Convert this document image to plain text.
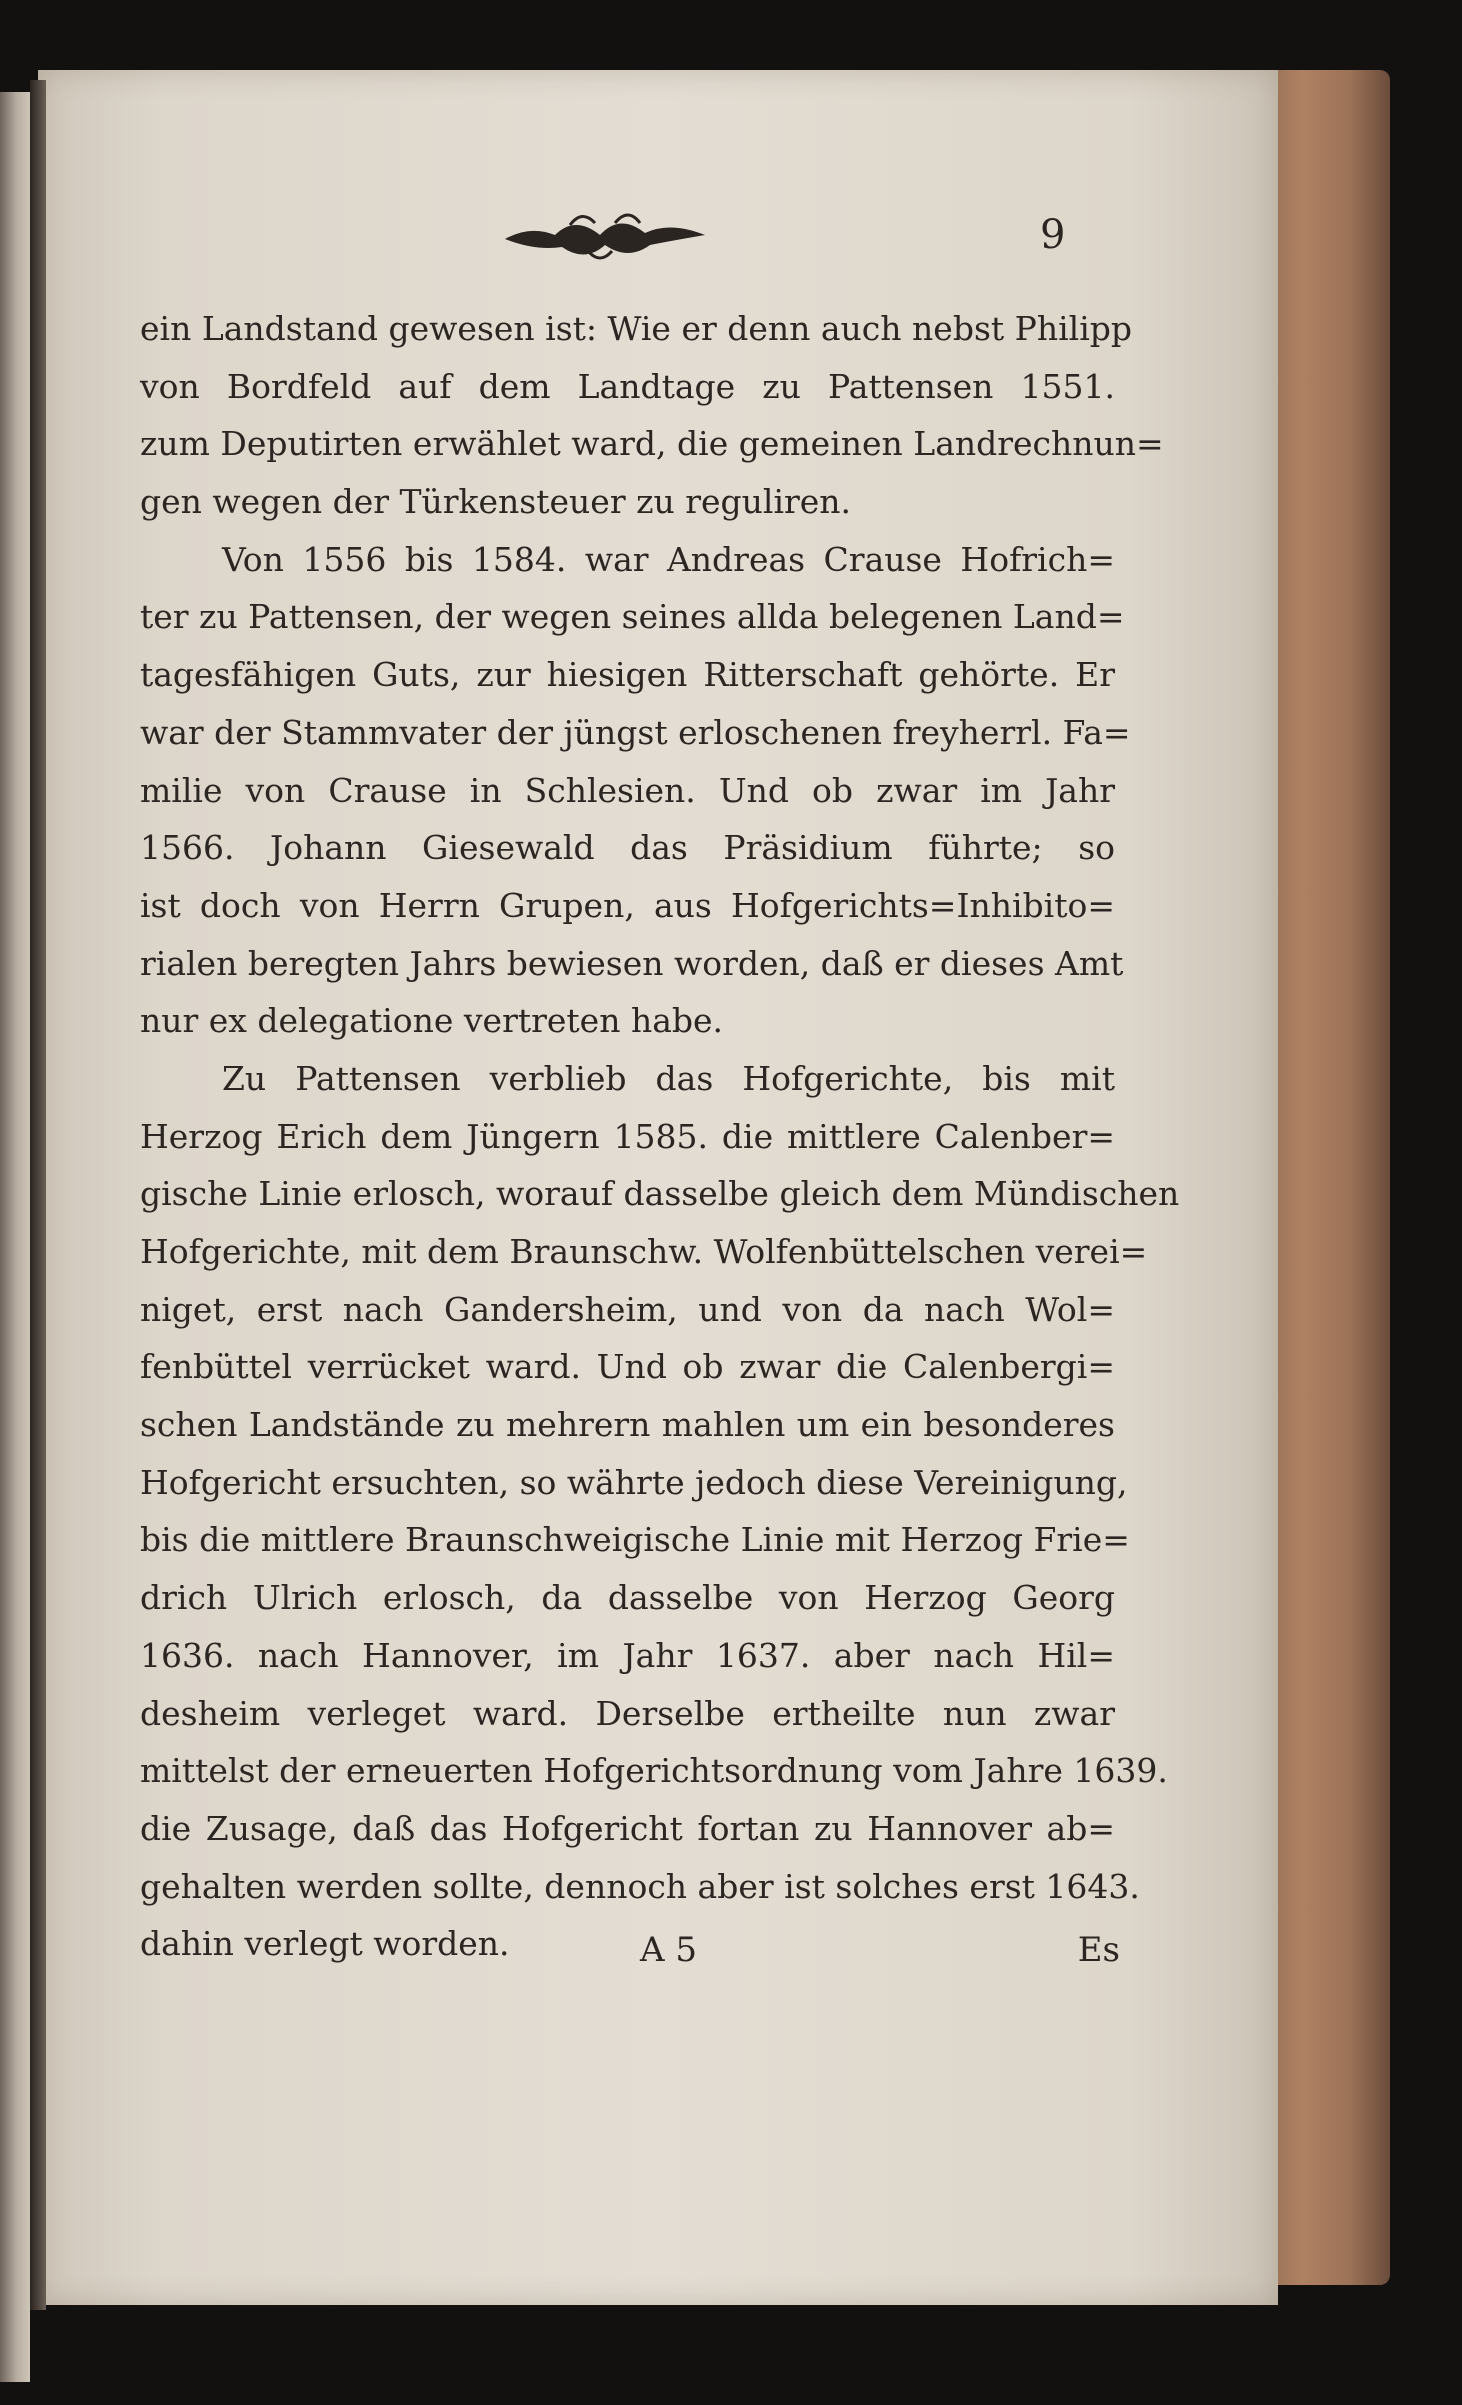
9
ein Landstand gewesen ist: Wie er denn auch nebst Philipp
von Bordfeld auf dem Landtage zu Pattensen 1551.
zum Deputirten erwählet ward, die gemeinen Landrechnun=
gen wegen der Türkensteuer zu reguliren.
Von 1556 bis 1584. war Andreas Crause Hofrich=
ter zu Pattensen, der wegen seines allda belegenen Land=
tagesfähigen Guts, zur hiesigen Ritterschaft gehörte. Er
war der Stammvater der jüngst erloschenen freyherrl. Fa=
milie von Crause in Schlesien. Und ob zwar im Jahr
1566. Johann Giesewald das Präsidium führte; so
ist doch von Herrn Grupen, aus Hofgerichts=Inhibito=
rialen beregten Jahrs bewiesen worden, daß er dieses Amt
nur ex delegatione vertreten habe.
Zu Pattensen verblieb das Hofgerichte, bis mit
Herzog Erich dem Jüngern 1585. die mittlere Calenber=
gische Linie erlosch, worauf dasselbe gleich dem Mündischen
Hofgerichte, mit dem Braunschw. Wolfenbüttelschen verei=
niget, erst nach Gandersheim, und von da nach Wol=
fenbüttel verrücket ward. Und ob zwar die Calenbergi=
schen Landstände zu mehrern mahlen um ein besonderes
Hofgericht ersuchten, so währte jedoch diese Vereinigung,
bis die mittlere Braunschweigische Linie mit Herzog Frie=
drich Ulrich erlosch, da dasselbe von Herzog Georg
1636. nach Hannover, im Jahr 1637. aber nach Hil=
desheim verleget ward. Derselbe ertheilte nun zwar
mittelst der erneuerten Hofgerichtsordnung vom Jahre 1639.
die Zusage, daß das Hofgericht fortan zu Hannover ab=
gehalten werden sollte, dennoch aber ist solches erst 1643.
dahin verlegt worden.	A 5	Es
